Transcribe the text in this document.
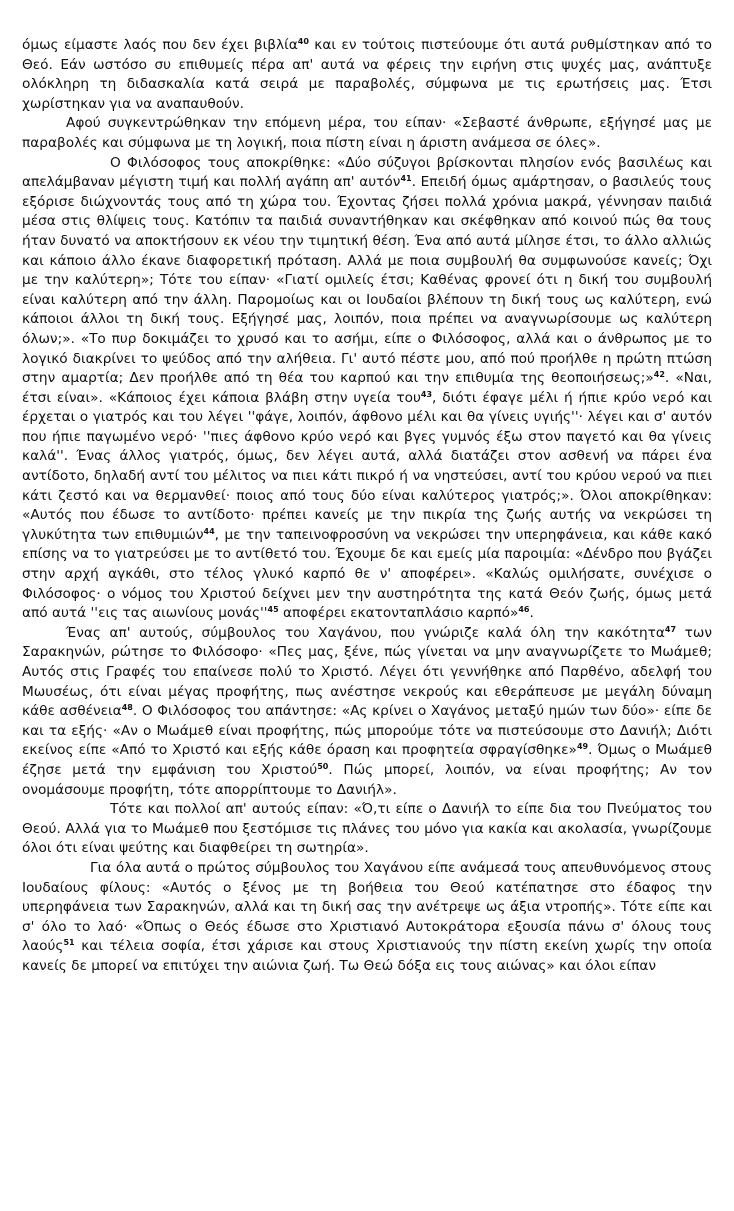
όμως είμαστε λαός που δεν έχει βιβλία$^{40}$ και εν τούτοις πιστεύουμε ότι αυτά ρυθμίστηκαν από το Θεό. Εάν ωστόσο συ επιθυμείς πέρα απ' αυτά να φέρεις την ειρήνη στις ψυχές μας, ανάπτυξε ολόκληρη τη διδασκαλία κατά σειρά με παραβολές, σύμφωνα με τις ερωτήσεις μας. Έτσι χωρίστηκαν για να αναπαυθούν.

Αφού συγκεντρώθηκαν την επόμενη μέρα, του είπαν· «Σεβαστέ άνθρωπε, εξήγησέ μας με παραβολές και σύμφωνα με τη λογική, ποια πίστη είναι η άριστη ανάμεσα σε όλες».

Ο Φιλόσοφος τους αποκρίθηκε: «Δύο σύζυγοι βρίσκονται πλησίον ενός βασιλέως και απελάμβαναν μέγιστη τιμή και πολλή αγάπη απ' αυτόν$^{41}$. Επειδή όμως αμάρτησαν, ο βασιλεύς τους εξόρισε διώχνοντάς τους από τη χώρα του. Έχοντας ζήσει πολλά χρόνια μακρά, γέννησαν παιδιά μέσα στις θλίψεις τους. Κατόπιν τα παιδιά συναντήθηκαν και σκέφθηκαν από κοινού πώς θα τους ήταν δυνατό να αποκτήσουν εκ νέου την τιμητική θέση. Ένα από αυτά μίλησε έτσι, το άλλο αλλιώς και κάποιο άλλο έκανε διαφορετική πρόταση. Αλλά με ποια συμβουλή θα συμφωνούσε κανείς; Όχι με την καλύτερη»; Τότε του είπαν· «Γιατί ομιλείς έτσι; Καθένας φρονεί ότι η δική του συμβουλή είναι καλύτερη από την άλλη. Παρομοίως και οι Ιουδαίοι βλέπουν τη δική τους ως καλύτερη, ενώ κάποιοι άλλοι τη δική τους. Εξήγησέ μας, λοιπόν, ποια πρέπει να αναγνωρίσουμε ως καλύτερη όλων;». «Το πυρ δοκιμάζει το χρυσό και το ασήμι, είπε ο Φιλόσοφος, αλλά και ο άνθρωπος με το λογικό διακρίνει το ψεύδος από την αλήθεια. Γι' αυτό πέστε μου, από πού προήλθε η πρώτη πτώση στην αμαρτία; Δεν προήλθε από τη θέα του καρπού και την επιθυμία της θεοποιήσεως;»$^{42}$. «Ναι, έτσι είναι». «Κάποιος έχει κάποια βλάβη στην υγεία του$^{43}$, διότι έφαγε μέλι ή ήπιε κρύο νερό και έρχεται ο γιατρός και του λέγει ''φάγε, λοιπόν, άφθονο μέλι και θα γίνεις υγιής''· λέγει και σ' αυτόν που ήπιε παγωμένο νερό· ''πιες άφθονο κρύο νερό και βγες γυμνός έξω στον παγετό και θα γίνεις καλά''. Ένας άλλος γιατρός, όμως, δεν λέγει αυτά, αλλά διατάζει στον ασθενή να πάρει ένα αντίδοτο, δηλαδή αντί του μέλιτος να πιει κάτι πικρό ή να νηστεύσει, αντί του κρύου νερού να πιει κάτι ζεστό και να θερμανθεί· ποιος από τους δύο είναι καλύτερος γιατρός;». Όλοι αποκρίθηκαν: «Αυτός που έδωσε το αντίδοτο· πρέπει κανείς με την πικρία της ζωής αυτής να νεκρώσει τη γλυκύτητα των επιθυμιών$^{44}$, με την ταπεινοφροσύνη να νεκρώσει την υπερηφάνεια, και κάθε κακό επίσης να το γιατρεύσει με το αντίθετό του. Έχουμε δε και εμείς μία παροιμία: «Δένδρο που βγάζει στην αρχή αγκάθι, στο τέλος γλυκό καρπό θε ν' αποφέρει». «Καλώς ομιλήσατε, συνέχισε ο Φιλόσοφος· ο νόμος του Χριστού δείχνει μεν την αυστηρότητα της κατά Θεόν ζωής, όμως μετά από αυτά ''εις τας αιωνίους $\mu o\nu ά\varsigma''^{45}$ αποφέρει εκατονταπλάσιο καρπό»$^{46}$.

Ένας απ' αυτούς, σύμβουλος του Χαγάνου, που γνώριζε καλά όλη την κακότητα$^{47}$ των Σαρακηνών, ρώτησε το Φιλόσοφο· «Πες μας, ξένε, πώς γίνεται να μην αναγνωρίζετε το Μωάμεθ; Αυτός στις Γραφές του επαίνεσε πολύ το Χριστό. Λέγει ότι γεννήθηκε από Παρθένο, αδελφή του Μωυσέως, ότι είναι μέγας προφήτης, πως ανέστησε νεκρούς και εθεράπευσε με μεγάλη δύναμη κάθε ασθένεια$^{48}$. Ο Φιλόσοφος του απάντησε: «Ας κρίνει ο Χαγάνος μεταξύ ημών των δύο»· είπε δε και τα εξής· «Αν ο Μωάμεθ είναι προφήτης, πώς μπορούμε τότε να πιστεύσουμε στο Δανιήλ; Διότι εκείνος είπε «Από το Χριστό και εξής κάθε όραση και προφητεία σφραγίσθηκε»$^{49}$. Όμως ο Μωάμεθ έζησε μετά την εμφάνιση του Χριστού$^{50}$. Πώς μπορεί, λοιπόν, να είναι προφήτης; Αν τον ονομάσουμε προφήτη, τότε απορρίπτουμε το Δανιήλ».

Τότε και πολλοί απ' αυτούς είπαν: «Ό,τι είπε ο Δανιήλ το είπε δια του Πνεύματος του Θεού. Αλλά για το Μωάμεθ που ξεστόμισε τις πλάνες του μόνο για κακία και ακολασία, γνωρίζουμε όλοι ότι είναι ψεύτης και διαφθείρει τη σωτηρία».

Για όλα αυτά ο πρώτος σύμβουλος του Χαγάνου είπε ανάμεσά τους απευθυνόμενος στους Ιουδαίους φίλους: «Αυτός ο ξένος με τη βοήθεια του Θεού κατέπατησε στο έδαφος την υπερηφάνεια των Σαρακηνών, αλλά και τη δική σας την ανέτρεψε ως άξια ντροπής». Τότε είπε και σ' όλο το λαό· «Όπως ο Θεός έδωσε στο Χριστιανό Αυτοκράτορα εξουσία πάνω σ' όλους τους λαούς$^{51}$ και τέλεια σοφία, έτσι χάρισε και στους Χριστιανούς την πίστη εκείνη χωρίς την οποία κανείς δε μπορεί να επιτύχει την αιώνια ζωή. Τω Θεώ δόξα εις τους αιώνας» και όλοι είπαν
